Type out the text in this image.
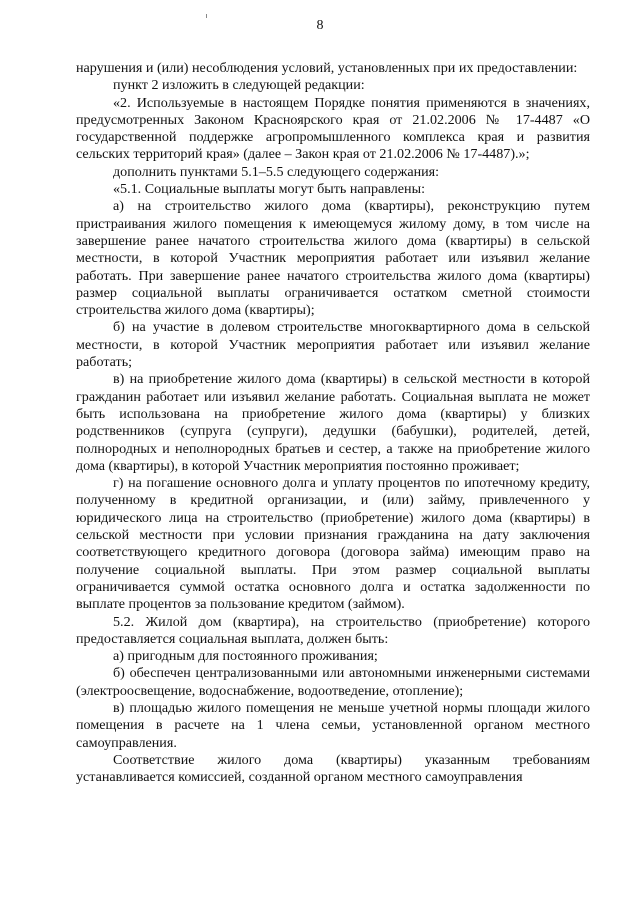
8

нарушения и (или) несоблюдения условий, установленных при их предоставлении:

пункт 2 изложить в следующей редакции:

«2. Используемые в настоящем Порядке понятия применяются в значениях, предусмотренных Законом Красноярского края от 21.02.2006 № 17-4487 «О государственной поддержке агропромышленного комплекса края и развития сельских территорий края» (далее – Закон края от 21.02.2006 № 17-4487).»;

дополнить пунктами 5.1–5.5 следующего содержания:

«5.1. Социальные выплаты могут быть направлены:

а) на строительство жилого дома (квартиры), реконструкцию путем пристраивания жилого помещения к имеющемуся жилому дому, в том числе на завершение ранее начатого строительства жилого дома (квартиры) в сельской местности, в которой Участник мероприятия работает или изъявил желание работать. При завершение ранее начатого строительства жилого дома (квартиры) размер социальной выплаты ограничивается остатком сметной стоимости строительства жилого дома (квартиры);

б) на участие в долевом строительстве многоквартирного дома в сельской местности, в которой Участник мероприятия работает или изъявил желание работать;

в) на приобретение жилого дома (квартиры) в сельской местности в которой гражданин работает или изъявил желание работать. Социальная выплата не может быть использована на приобретение жилого дома (квартиры) у близких родственников (супруга (супруги), дедушки (бабушки), родителей, детей, полнородных и неполнородных братьев и сестер, а также на приобретение жилого дома (квартиры), в которой Участник мероприятия постоянно проживает;

г) на погашение основного долга и уплату процентов по ипотечному кредиту, полученному в кредитной организации, и (или) займу, привлеченного у юридического лица на строительство (приобретение) жилого дома (квартиры) в сельской местности при условии признания гражданина на дату заключения соответствующего кредитного договора (договора займа) имеющим право на получение социальной выплаты. При этом размер социальной выплаты ограничивается суммой остатка основного долга и остатка задолженности по выплате процентов за пользование кредитом (займом).

5.2. Жилой дом (квартира), на строительство (приобретение) которого предоставляется социальная выплата, должен быть:

а) пригодным для постоянного проживания;

б) обеспечен централизованными или автономными инженерными системами (электроосвещение, водоснабжение, водоотведение, отопление);

в) площадью жилого помещения не меньше учетной нормы площади жилого помещения в расчете на 1 члена семьи, установленной органом местного самоуправления.

Соответствие жилого дома (квартиры) указанным требованиям устанавливается комиссией, созданной органом местного самоуправления
